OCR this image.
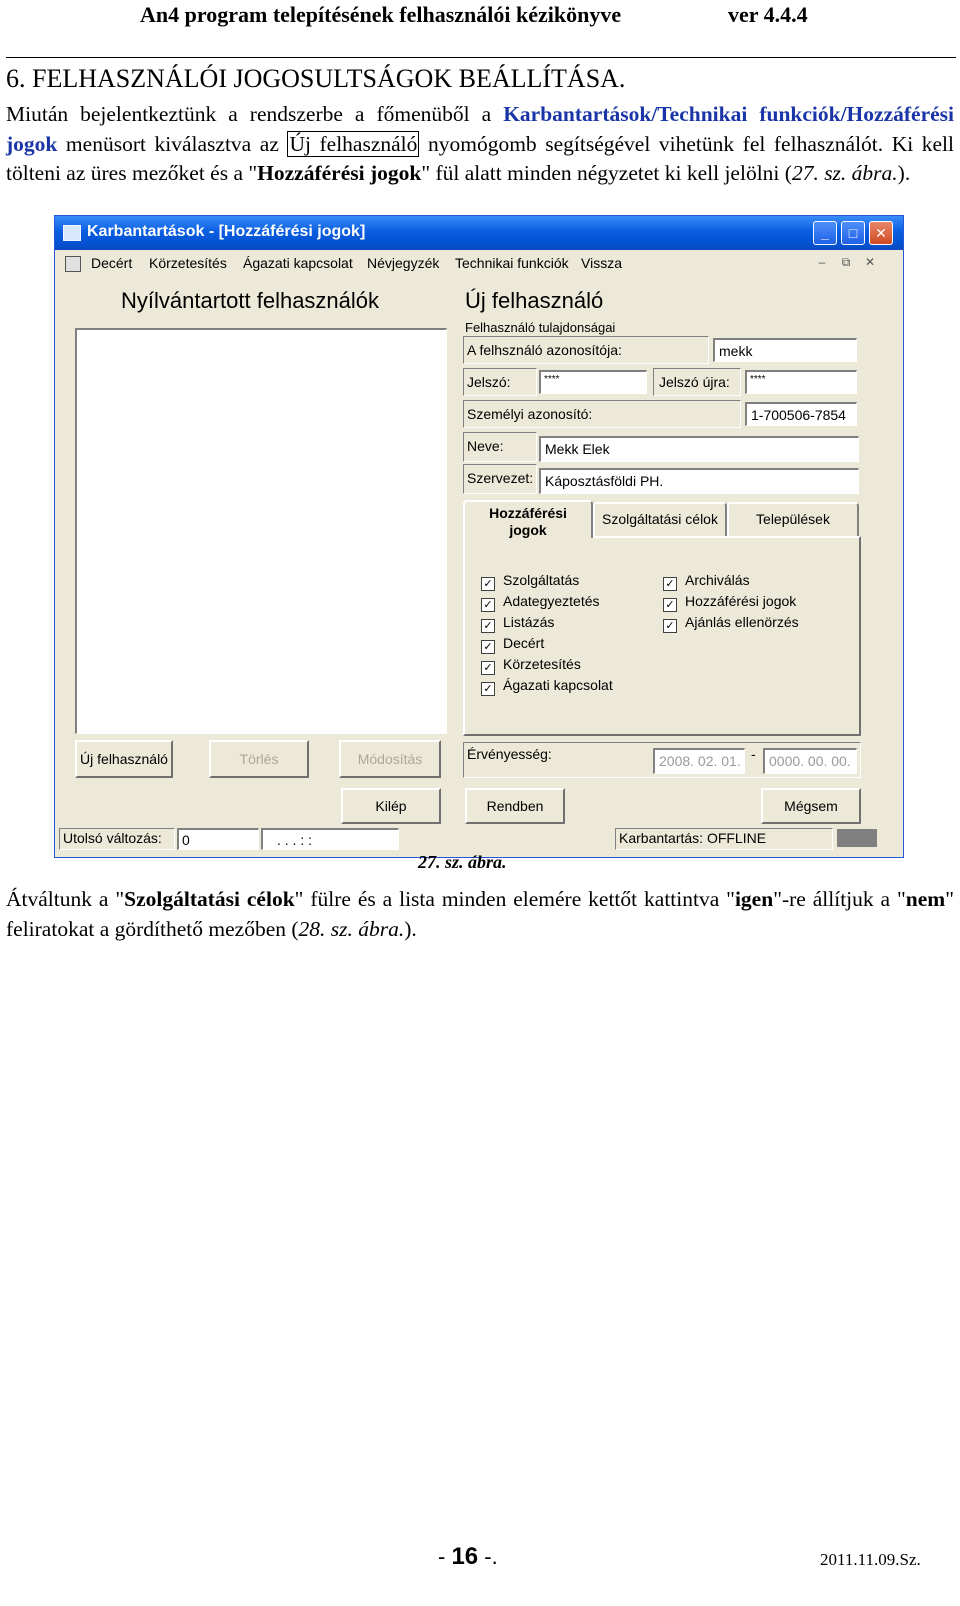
An4 program telepítésének felhasználói kézikönyve	ver 4.4.4
6. FELHASZNÁLÓI JOGOSULTSÁGOK BEÁLLÍTÁSA.
Miután bejelentkeztünk a rendszerbe a főmenüből a Karbantartások/Technikai funkciók/Hozzáférési jogok menüsort kiválasztva az Új felhasználó nyomógomb segítségével vihetünk fel felhasználót. Ki kell tölteni az üres mezőket és a "Hozzáférési jogok" fül alatt minden négyzetet ki kell jelölni (27. sz. ábra.).
Karbantartások - [Hozzáférési jogok]	_	□	✕
Decért Körzetesítés Ágazati kapcsolat Névjegyzék Technikai funkciók Vissza	–	⧉	✕
Nyílvántartott felhasználók
Új felhasználó	Törlés	Módosítás
Kilép
Új felhasználó
Felhasználó tulajdonságai
A felhsználó azonosítója:	mekk
Jelszó:	****	Jelszó újra:	****
Személyi azonosító:	1-700506-7854
Neve:	Mekk Elek
Szervezet: Káposztásföldi PH.
Hozzáférési
jogok
Szolgáltatási célok	Települések
✓ Szolgáltatás
✓ Adategyeztetés
✓ Listázás
✓ Decért
✓ Körzetesítés
✓ Ágazati kapcsolat
✓ Archiválás
✓ Hozzáférési jogok
✓ Ajánlás ellenörzés
Érvényesség:	2008. 02. 01. - 0000. 00. 00.
Rendben	Mégsem
Utolsó változás:	0	. . . : :	Karbantartás: OFFLINE
27. sz. ábra.
Átváltunk a "Szolgáltatási célok" fülre és a lista minden elemére kettőt kattintva "igen"-re állítjuk a "nem" feliratokat a gördíthető mezőben (28. sz. ábra.).
- 16 -.	2011.11.09.Sz.
